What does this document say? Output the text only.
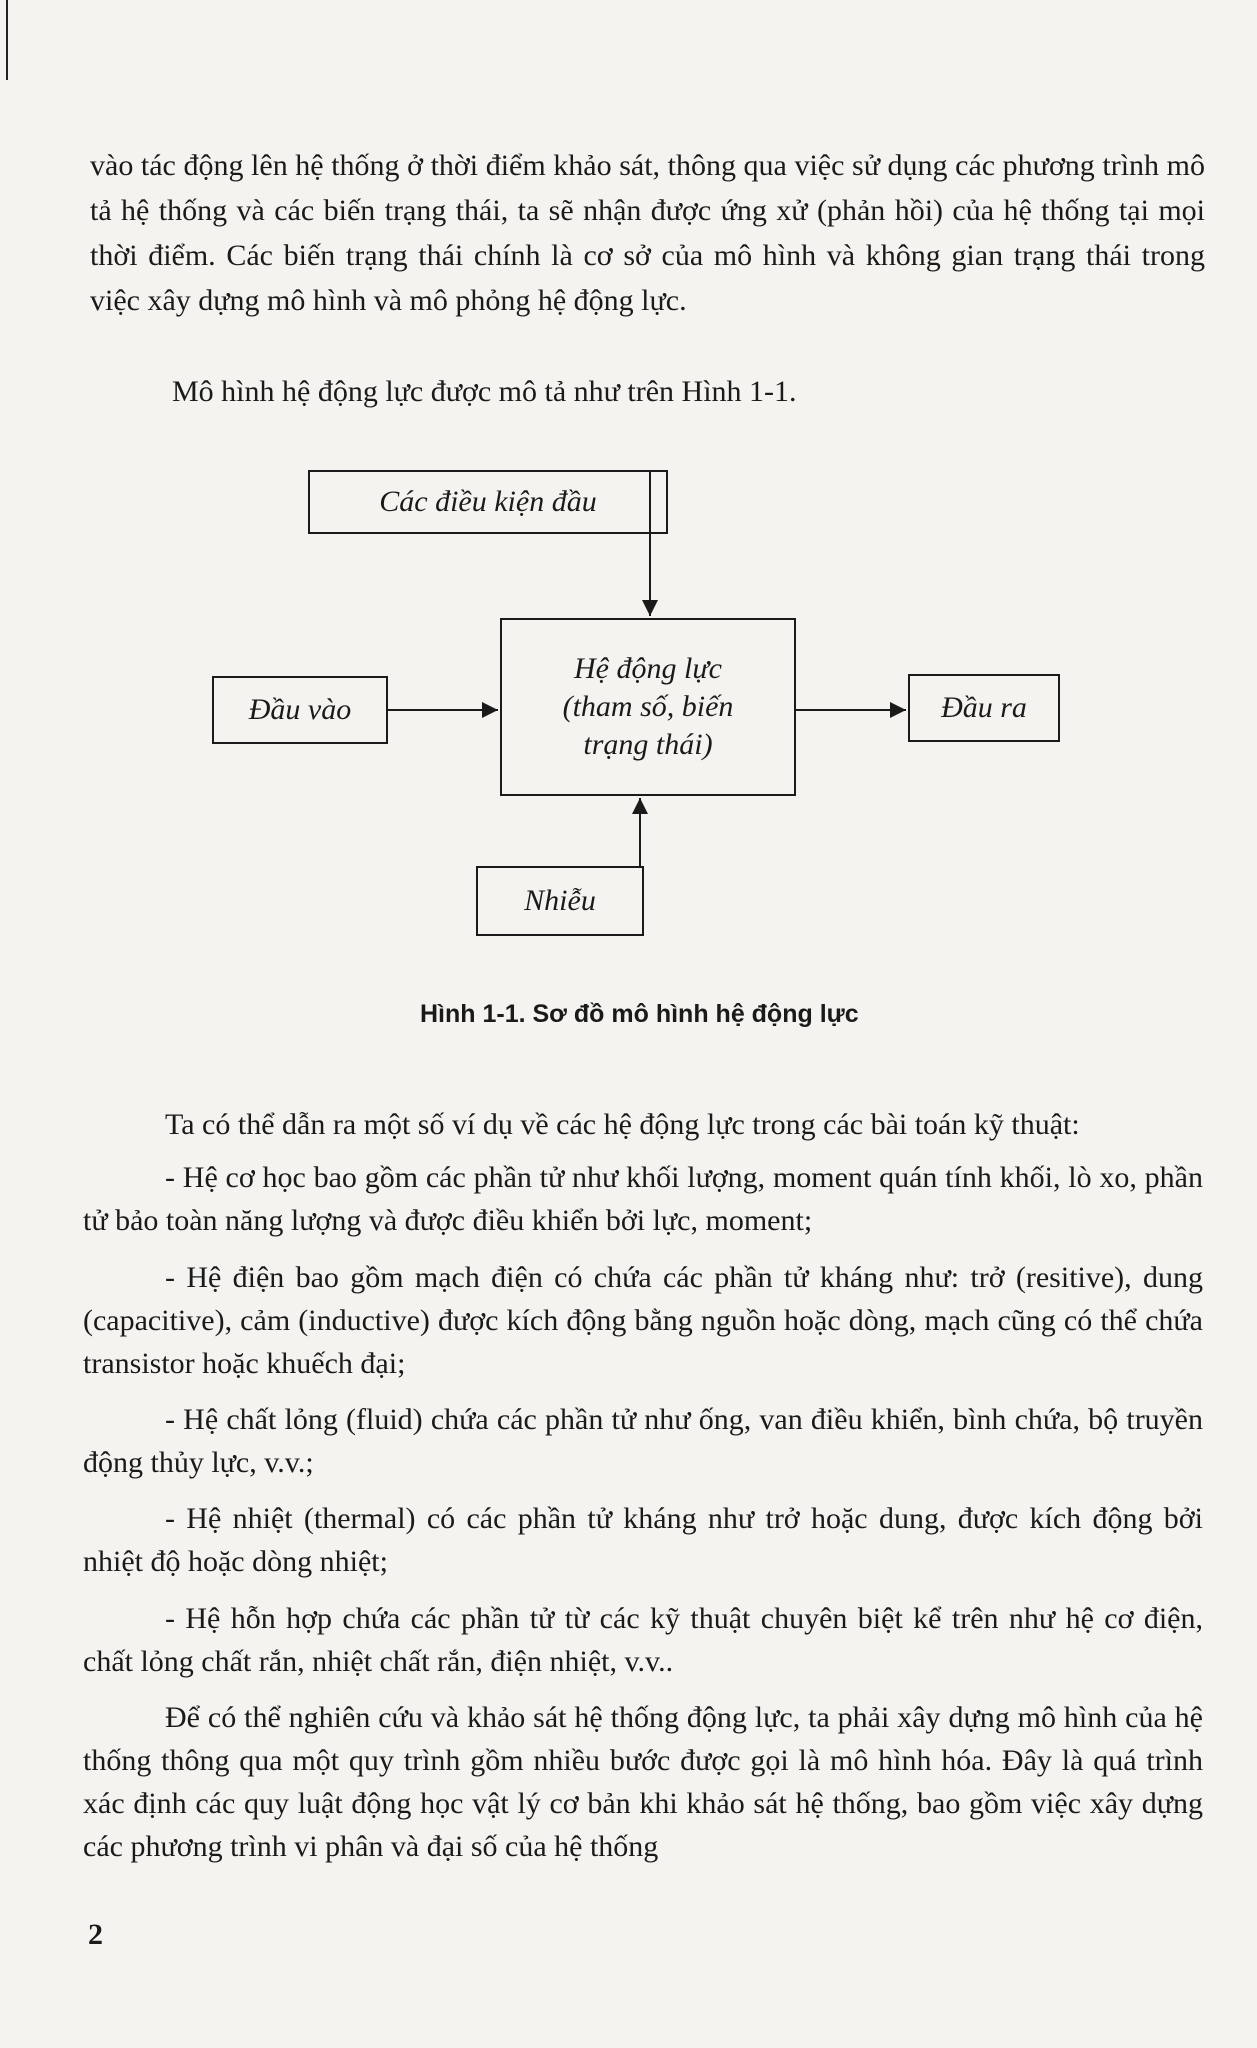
vào tác động lên hệ thống ở thời điểm khảo sát, thông qua việc sử dụng các phương trình mô tả hệ thống và các biến trạng thái, ta sẽ nhận được ứng xử (phản hồi) của hệ thống tại mọi thời điểm. Các biến trạng thái chính là cơ sở của mô hình và không gian trạng thái trong việc xây dựng mô hình và mô phỏng hệ động lực.

Mô hình hệ động lực được mô tả như trên Hình 1-1.

Các điều kiện đầu
Đầu vào
Hệ động lực
(tham số, biến
trạng thái)
Đầu ra
Nhiễu

Hình 1-1. Sơ đồ mô hình hệ động lực

Ta có thể dẫn ra một số ví dụ về các hệ động lực trong các bài toán kỹ thuật:

- Hệ cơ học bao gồm các phần tử như khối lượng, moment quán tính khối, lò xo, phần tử bảo toàn năng lượng và được điều khiển bởi lực, moment;

- Hệ điện bao gồm mạch điện có chứa các phần tử kháng như: trở (resitive), dung (capacitive), cảm (inductive) được kích động bằng nguồn hoặc dòng, mạch cũng có thể chứa transistor hoặc khuếch đại;

- Hệ chất lỏng (fluid) chứa các phần tử như ống, van điều khiển, bình chứa, bộ truyền động thủy lực, v.v.;

- Hệ nhiệt (thermal) có các phần tử kháng như trở hoặc dung, được kích động bởi nhiệt độ hoặc dòng nhiệt;

- Hệ hỗn hợp chứa các phần tử từ các kỹ thuật chuyên biệt kể trên như hệ cơ điện, chất lỏng chất rắn, nhiệt chất rắn, điện nhiệt, v.v..

Để có thể nghiên cứu và khảo sát hệ thống động lực, ta phải xây dựng mô hình của hệ thống thông qua một quy trình gồm nhiều bước được gọi là mô hình hóa. Đây là quá trình xác định các quy luật động học vật lý cơ bản khi khảo sát hệ thống, bao gồm việc xây dựng các phương trình vi phân và đại số của hệ thống

2
